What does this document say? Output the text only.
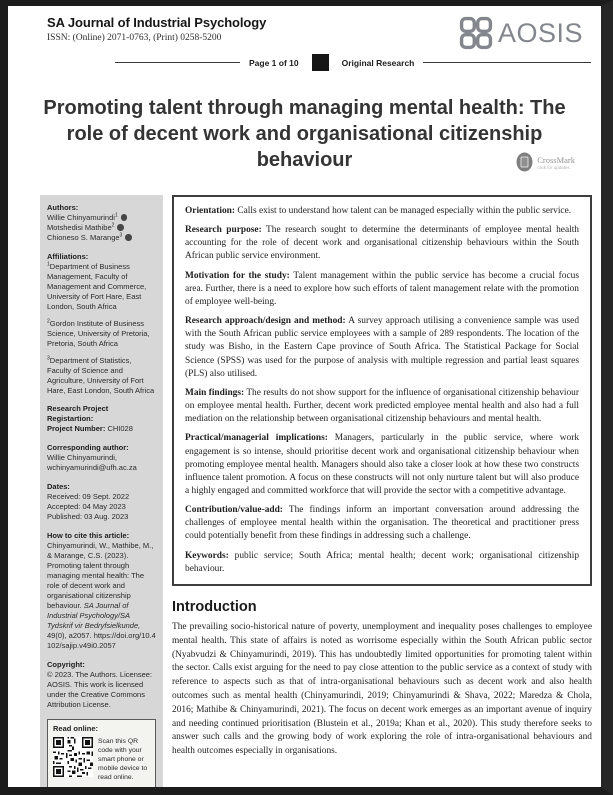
SA Journal of Industrial Psychology
ISSN: (Online) 2071-0763, (Print) 0258-5200	AOSIS
Page 1 of 10	Original Research
Promoting talent through managing mental health: The role of decent work and organisational citizenship behaviour	CrossMark
click for updates
Authors:
Willie Chinyamurindi$^1$
Motshedisi Mathibe$^2$
Chioneso S. Marange$^3$
Affiliations:

$^1$Department of Business Management, Faculty of Management and Commerce, University of Fort Hare, East London, South Africa

$^2$Gordon Institute of Business Science, University of Pretoria, Pretoria, South Africa

$^3$Department of Statistics, Faculty of Science and Agriculture, University of Fort Hare, East London, South Africa

Research Project Registartion:
Project Number: CHI028
Corresponding author:
Willie Chinyamurindi,
wchinyamurindi@ufh.ac.za
Dates:
Received: 09 Sept. 2022
Accepted: 04 May 2023
Published: 03 Aug. 2023
How to cite this article:
Chinyamurindi, W., Mathibe, M., & Marange, C.S. (2023). Promoting talent through managing mental health: The role of decent work and organisational citizenship behaviour. SA Journal of Industrial Psychology/SA Tydskrif vir Bedryfsielkunde, 49(0), a2057. https://doi.org/10.4102/sajip.v49i0.2057
Copyright:
© 2023. The Authors. Licensee: AOSIS. This work is licensed under the Creative Commons Attribution License.
Read online:
Scan this QR code with your smart phone or mobile device to read online.

Orientation: Calls exist to understand how talent can be managed especially within the public service.

Research purpose: The research sought to determine the determinants of employee mental health accounting for the role of decent work and organisational citizenship behaviours within the South African public service environment.

Motivation for the study: Talent management within the public service has become a crucial focus area. Further, there is a need to explore how such efforts of talent management relate with the promotion of employee well-being.

Research approach/design and method: A survey approach utilising a convenience sample was used with the South African public service employees with a sample of 289 respondents. The location of the study was Bisho, in the Eastern Cape province of South Africa. The Statistical Package for Social Science (SPSS) was used for the purpose of analysis with multiple regression and partial least squares (PLS) also utilised.

Main findings: The results do not show support for the influence of organisational citizenship behaviour on employee mental health. Further, decent work predicted employee mental health and also had a full mediation on the relationship between organisational citizenship behaviours and mental health.

Practical/managerial implications: Managers, particularly in the public service, where work engagement is so intense, should prioritise decent work and organisational citizenship behaviour when promoting employee mental health. Managers should also take a closer look at how these two constructs influence talent promotion. A focus on these constructs will not only nurture talent but will also produce a highly engaged and committed workforce that will provide the sector with a competitive advantage.

Contribution/value-add: The findings inform an important conversation around addressing the challenges of employee mental health within the organisation. The theoretical and practitioner press could potentially benefit from these findings in addressing such a challenge.

Keywords: public service; South Africa; mental health; decent work; organisational citizenship behaviour.

Introduction

The prevailing socio-historical nature of poverty, unemployment and inequality poses challenges to employee mental health. This state of affairs is noted as worrisome especially within the South African public sector (Nyabvudzi & Chinyamurindi, 2019). This has undoubtedly limited opportunities for promoting talent within the sector. Calls exist arguing for the need to pay close attention to the public service as a context of study with reference to aspects such as that of intra-organisational behaviours such as decent work and also health outcomes such as mental health (Chinyamurindi, 2019; Chinyamurindi & Shava, 2022; Maredza & Chola, 2016; Mathibe & Chinyamurindi, 2021). The focus on decent work emerges as an important avenue of inquiry and needing continued prioritisation (Blustein et al., 2019a; Khan et al., 2020). This study therefore seeks to answer such calls and the growing body of work exploring the role of intra-organisational behaviours and health outcomes especially in organisations.
